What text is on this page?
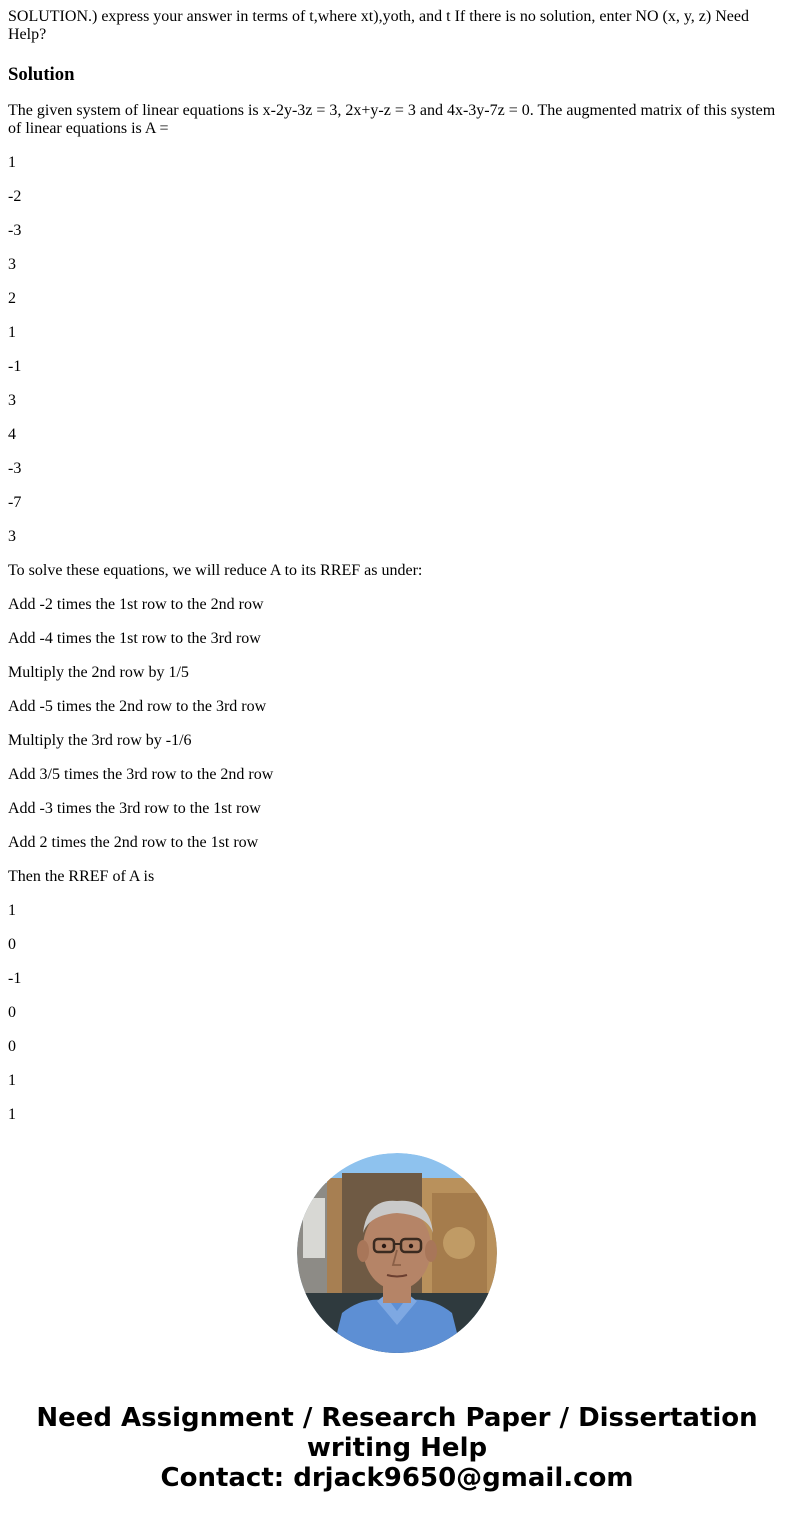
SOLUTION.) express your answer in terms of t,where xt),yoth, and t If there is no solution, enter NO (x, y, z) Need Help?
Solution

The given system of linear equations is x-2y-3z = 3, 2x+y-z = 3 and 4x-3y-7z = 0. The augmented matrix of this system of linear equations is A =

1

-2

-3

3

2

1

-1

3

4

-3

-7

3

To solve these equations, we will reduce A to its RREF as under:

Add -2 times the 1st row to the 2nd row

Add -4 times the 1st row to the 3rd row

Multiply the 2nd row by 1/5

Add -5 times the 2nd row to the 3rd row

Multiply the 3rd row by -1/6

Add 3/5 times the 3rd row to the 2nd row

Add -3 times the 3rd row to the 1st row

Add 2 times the 2nd row to the 1st row

Then the RREF of A is

1

0

-1

0

0

1

1

Need Assignment / Research Paper / Dissertation
writing Help
Contact: drjack9650@gmail.com
